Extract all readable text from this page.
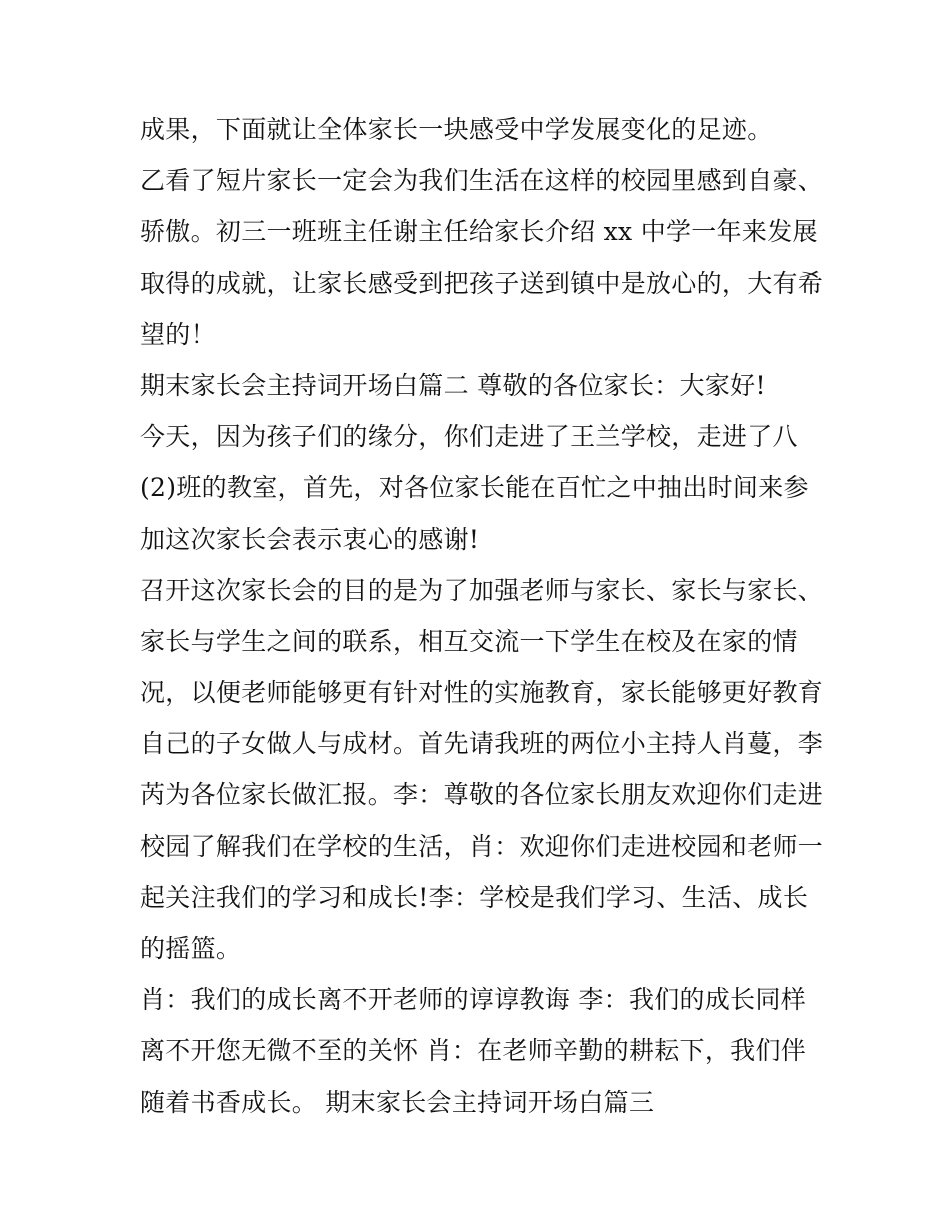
成果，下面就让全体家长一块感受中学发展变化的足迹。
乙看了短片家长一定会为我们生活在这样的校园里感到自豪、
骄傲。初三一班班主任谢主任给家长介绍 xx 中学一年来发展
取得的成就，让家长感受到把孩子送到镇中是放心的，大有希
望的！
期末家长会主持词开场白篇二 尊敬的各位家长：大家好!
今天，因为孩子们的缘分，你们走进了王兰学校，走进了八
(2)班的教室，首先，对各位家长能在百忙之中抽出时间来参
加这次家长会表示衷心的感谢!
召开这次家长会的目的是为了加强老师与家长、家长与家长、
家长与学生之间的联系，相互交流一下学生在校及在家的情
况，以便老师能够更有针对性的实施教育，家长能够更好教育
自己的子女做人与成材。首先请我班的两位小主持人肖蔓，李
芮为各位家长做汇报。李：尊敬的各位家长朋友欢迎你们走进
校园了解我们在学校的生活，肖：欢迎你们走进校园和老师一
起关注我们的学习和成长!李：学校是我们学习、生活、成长
的摇篮。
肖：我们的成长离不开老师的谆谆教诲 李：我们的成长同样
离不开您无微不至的关怀 肖：在老师辛勤的耕耘下，我们伴
随着书香成长。 期末家长会主持词开场白篇三
